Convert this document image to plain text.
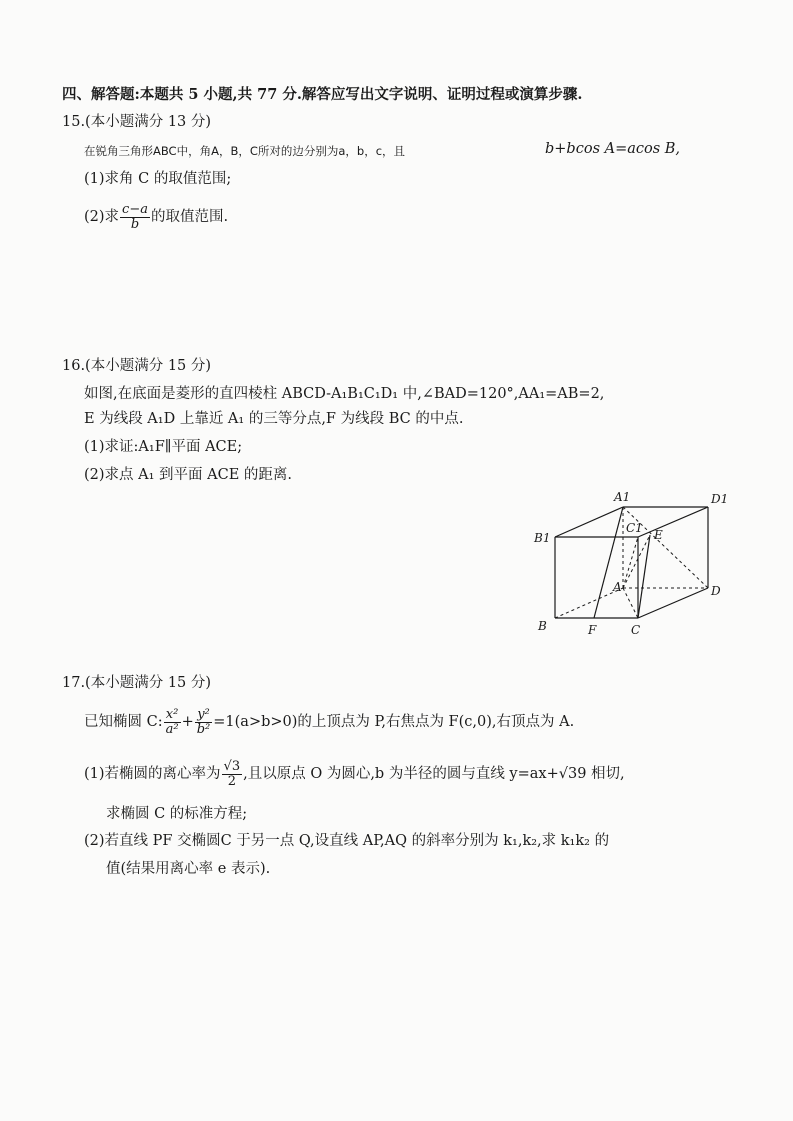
四、解答题:本题共 5 小题,共 77 分.解答应写出文字说明、证明过程或演算步骤.
15.(本小题满分 13 分)
在锐角三角形ABC中，角A，B，C所对的边分别为a，b，c，且	b+bcos A=acos B,
(1)求角 C 的取值范围;
(2)求 $\frac{c-a}{b}$ 的取值范围.
16.(本小题满分 15 分)
如图,在底面是菱形的直四棱柱 ABCD-A₁B₁C₁D₁ 中,∠BAD=120°,AA₁=AB=2,
E 为线段 A₁D 上靠近 A₁ 的三等分点,F 为线段 BC 的中点.
(1)求证:A₁F∥平面 ACE;
(2)求点 A₁ 到平面 ACE 的距离.
A1	D1
B1
C1 E
A	D
B	F	C
17.(本小题满分 15 分)
已知椭圆 C: $\frac{\text{x²}}{\text{a²}} + \frac{\text{y²}}{\text{b²}} =1(a>b>0)$的上顶点为 P,右焦点为 F(c,0),右顶点为 A.
(1)若椭圆的离心率为 $\frac{√3}{2}$ ,且以原点 O 为圆心,b 为半径的圆与直线 y=ax+√39 相切,
求椭圆 C 的标准方程;
(2)若直线 PF 交椭圆C 于另一点 Q,设直线 AP,AQ 的斜率分别为 k₁,k₂,求 k₁k₂ 的
值(结果用离心率 e 表示).
